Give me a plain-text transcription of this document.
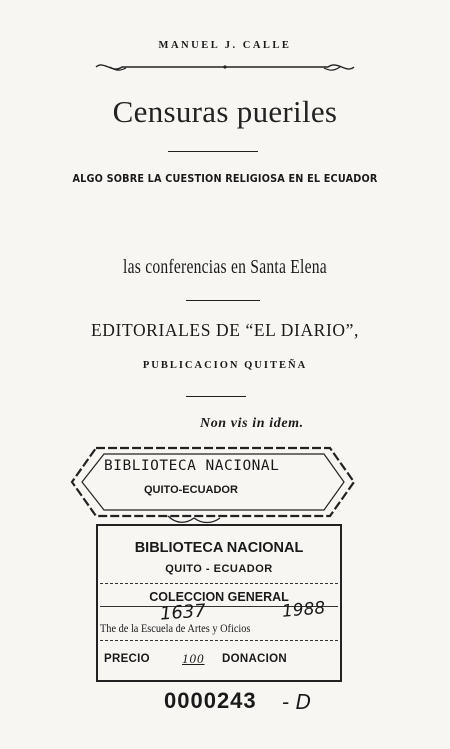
MANUEL J. CALLE
Censuras pueriles
ALGO SOBRE LA CUESTION RELIGIOSA EN EL ECUADOR
las conferencias en Santa Elena
EDITORIALES DE “EL DIARIO”,
PUBLICACION QUITEÑA
Non vis in idem.
BIBLIOTECA NACIONAL
QUITO-ECUADOR
BIBLIOTECA NACIONAL
QUITO - ECUADOR
COLECCION GENERAL
1637	1988
The de la Escuela de Artes y Oficios
PRECIO 100 DONACION
0000243 - D
